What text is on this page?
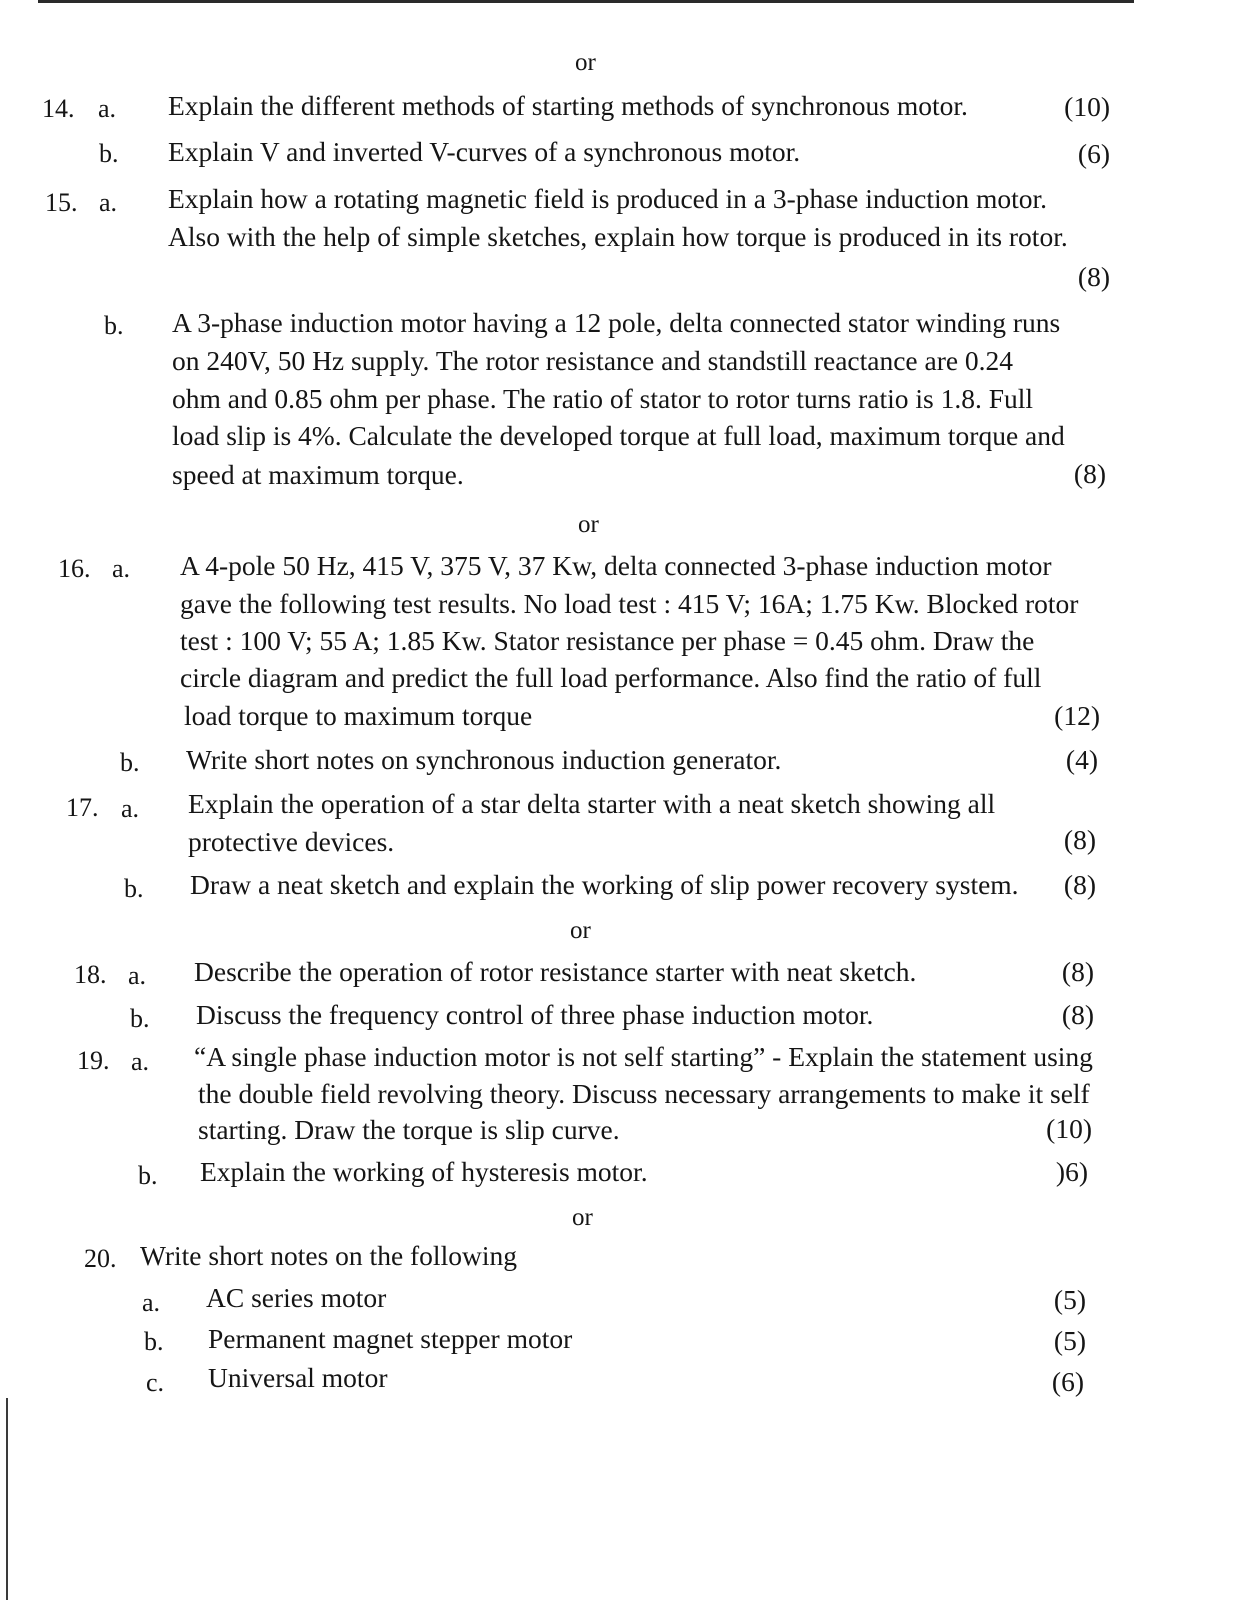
or
14. a. Explain the different methods of starting methods of synchronous motor.	(10)
b. Explain V and inverted V-curves of a synchronous motor.	(6)
15. a. Explain how a rotating magnetic field is produced in a 3-phase induction motor.
Also with the help of simple sketches, explain how torque is produced in its rotor.
(8)
b. A 3-phase induction motor having a 12 pole, delta connected stator winding runs
on 240V, 50 Hz supply. The rotor resistance and standstill reactance are 0.24
ohm and 0.85 ohm per phase. The ratio of stator to rotor turns ratio is 1.8. Full
load slip is 4%. Calculate the developed torque at full load, maximum torque and
speed at maximum torque.	(8)
or
16. a. A 4-pole 50 Hz, 415 V, 375 V, 37 Kw, delta connected 3-phase induction motor
gave the following test results. No load test : 415 V; 16A; 1.75 Kw. Blocked rotor
test : 100 V; 55 A; 1.85 Kw. Stator resistance per phase = 0.45 ohm. Draw the
circle diagram and predict the full load performance. Also find the ratio of full
load torque to maximum torque	(12)
b. Write short notes on synchronous induction generator.	(4)
17. a. Explain the operation of a star delta starter with a neat sketch showing all
protective devices.	(8)
b. Draw a neat sketch and explain the working of slip power recovery system.	(8)
or
18. a. Describe the operation of rotor resistance starter with neat sketch.	(8)
b. Discuss the frequency control of three phase induction motor.	(8)
19. a. “A single phase induction motor is not self starting” - Explain the statement using
the double field revolving theory. Discuss necessary arrangements to make it self
starting. Draw the torque is slip curve.	(10)
b. Explain the working of hysteresis motor.	)6)
or
20. Write short notes on the following
a. AC series motor	(5)
b. Permanent magnet stepper motor	(5)
c. Universal motor	(6)
